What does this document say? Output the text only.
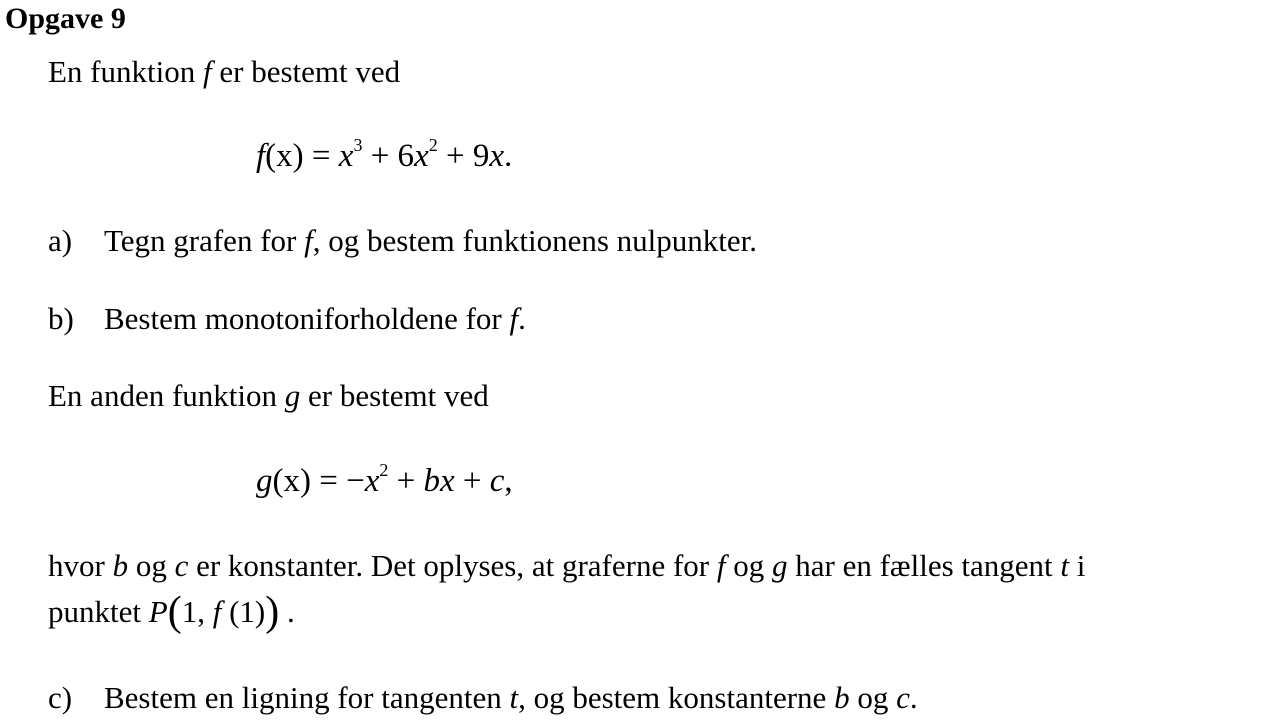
Opgave 9
En funktion f er bestemt ved
$f(x) = x^3 + 6x^2 + 9x$.
a) Tegn grafen for f, og bestem funktionens nulpunkter.
b) Bestem monotoniforholdene for f.
En anden funktion g er bestemt ved
$g(x) = -x^2$ + bx + c,
hvor b og c er konstanter. Det oplyses, at graferne for f og g har en fælles tangent t i
punktet P(1, f (1)) .
c) Bestem en ligning for tangenten t, og bestem konstanterne b og c.
